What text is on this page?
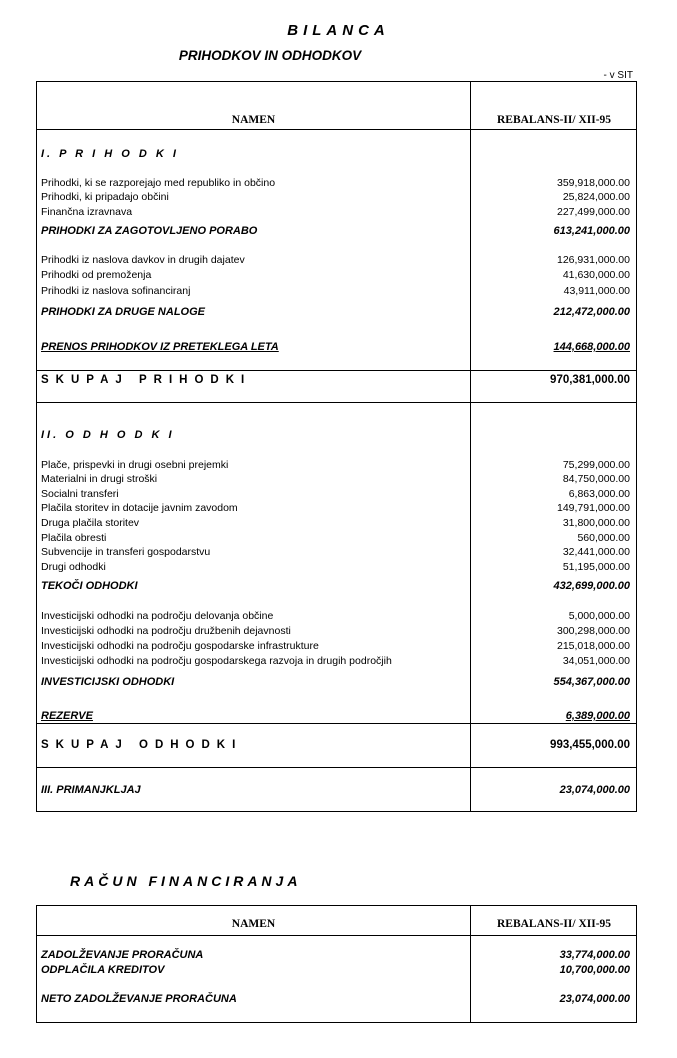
BILANCA
PRIHODKOV IN ODHODKOV
- v SIT
NAMEN	REBALANS-II/ XII-95
I. P R I H O D K I
Prihodki, ki se razporejajo med republiko in občino	359,918,000.00
Prihodki, ki pripadajo občini	25,824,000.00
Finančna izravnava	227,499,000.00
PRIHODKI ZA ZAGOTOVLJENO PORABO	613,241,000.00
Prihodki iz naslova davkov in drugih dajatev	126,931,000.00
Prihodki od premoženja	41,630,000.00
Prihodki iz naslova sofinanciranj	43,911,000.00
PRIHODKI ZA DRUGE NALOGE	212,472,000.00
PRENOS PRIHODKOV IZ PRETEKLEGA LETA	144,668,000.00
SKUPAJ PRIHODKI	970,381,000.00
II. O D H O D K I
Plače, prispevki in drugi osebni prejemki	75,299,000.00
Materialni in drugi stroški	84,750,000.00
Socialni transferi	6,863,000.00
Plačila storitev in dotacije javnim zavodom	149,791,000.00
Druga plačila storitev	31,800,000.00
Plačila obresti	560,000.00
Subvencije in transferi gospodarstvu	32,441,000.00
Drugi odhodki	51,195,000.00
TEKOČI ODHODKI	432,699,000.00
Investicijski odhodki na področju delovanja občine	5,000,000.00
Investicijski odhodki na področju družbenih dejavnosti	300,298,000.00
Investicijski odhodki na področju gospodarske infrastrukture	215,018,000.00
Investicijski odhodki na področju gospodarskega razvoja in drugih področjih	34,051,000.00
INVESTICIJSKI ODHODKI	554,367,000.00
REZERVE	6,389,000.00
SKUPAJ ODHODKI	993,455,000.00
III. PRIMANJKLJAJ	23,074,000.00
RAČUN FINANCIRANJA
NAMEN	REBALANS-II/ XII-95
ZADOLŽEVANJE PRORAČUNA	33,774,000.00
ODPLAČILA KREDITOV	10,700,000.00
NETO ZADOLŽEVANJE PRORAČUNA	23,074,000.00
